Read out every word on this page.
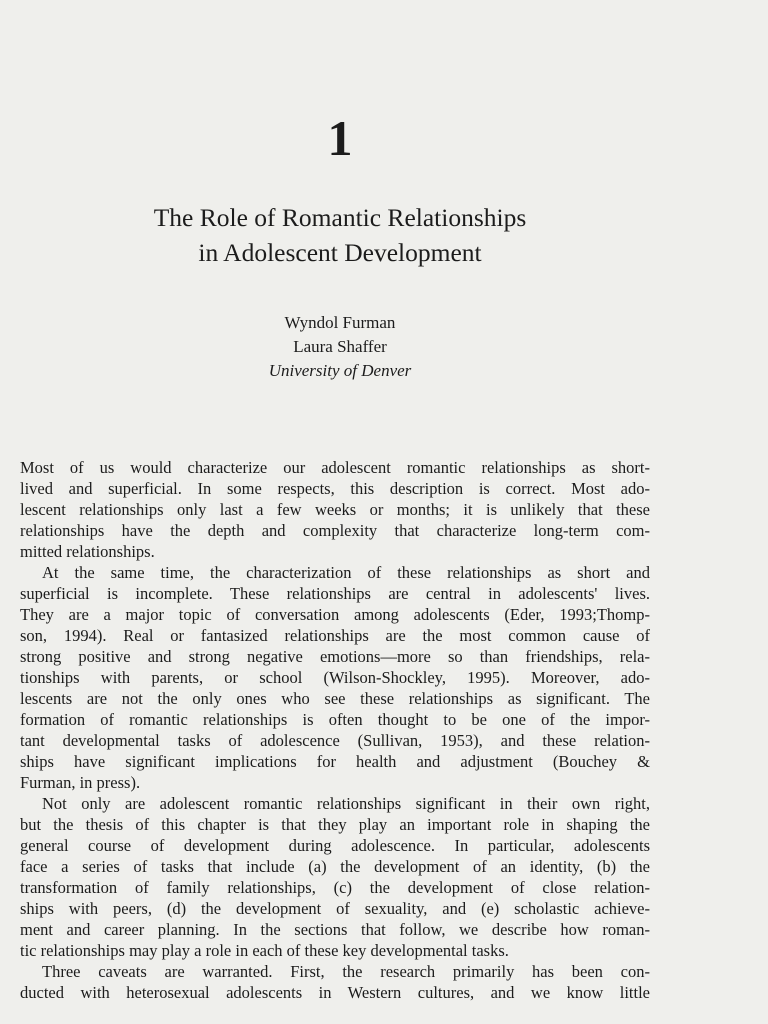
1
The Role of Romantic Relationships
in Adolescent Development
Wyndol Furman
Laura Shaffer
University of Denver
Most of us would characterize our adolescent romantic relationships as short-
lived and superficial. In some respects, this description is correct. Most ado-
lescent relationships only last a few weeks or months; it is unlikely that these
relationships have the depth and complexity that characterize long-term com-
mitted relationships.
At the same time, the characterization of these relationships as short and
superficial is incomplete. These relationships are central in adolescents' lives.
They are a major topic of conversation among adolescents (Eder, 1993;Thomp-
son, 1994). Real or fantasized relationships are the most common cause of
strong positive and strong negative emotions—more so than friendships, rela-
tionships with parents, or school (Wilson-Shockley, 1995). Moreover, ado-
lescents are not the only ones who see these relationships as significant. The
formation of romantic relationships is often thought to be one of the impor-
tant developmental tasks of adolescence (Sullivan, 1953), and these relation-
ships have significant implications for health and adjustment (Bouchey &
Furman, in press).
Not only are adolescent romantic relationships significant in their own right,
but the thesis of this chapter is that they play an important role in shaping the
general course of development during adolescence. In particular, adolescents
face a series of tasks that include (a) the development of an identity, (b) the
transformation of family relationships, (c) the development of close relation-
ships with peers, (d) the development of sexuality, and (e) scholastic achieve-
ment and career planning. In the sections that follow, we describe how roman-
tic relationships may play a role in each of these key developmental tasks.
Three caveats are warranted. First, the research primarily has been con-
ducted with heterosexual adolescents in Western cultures, and we know little
